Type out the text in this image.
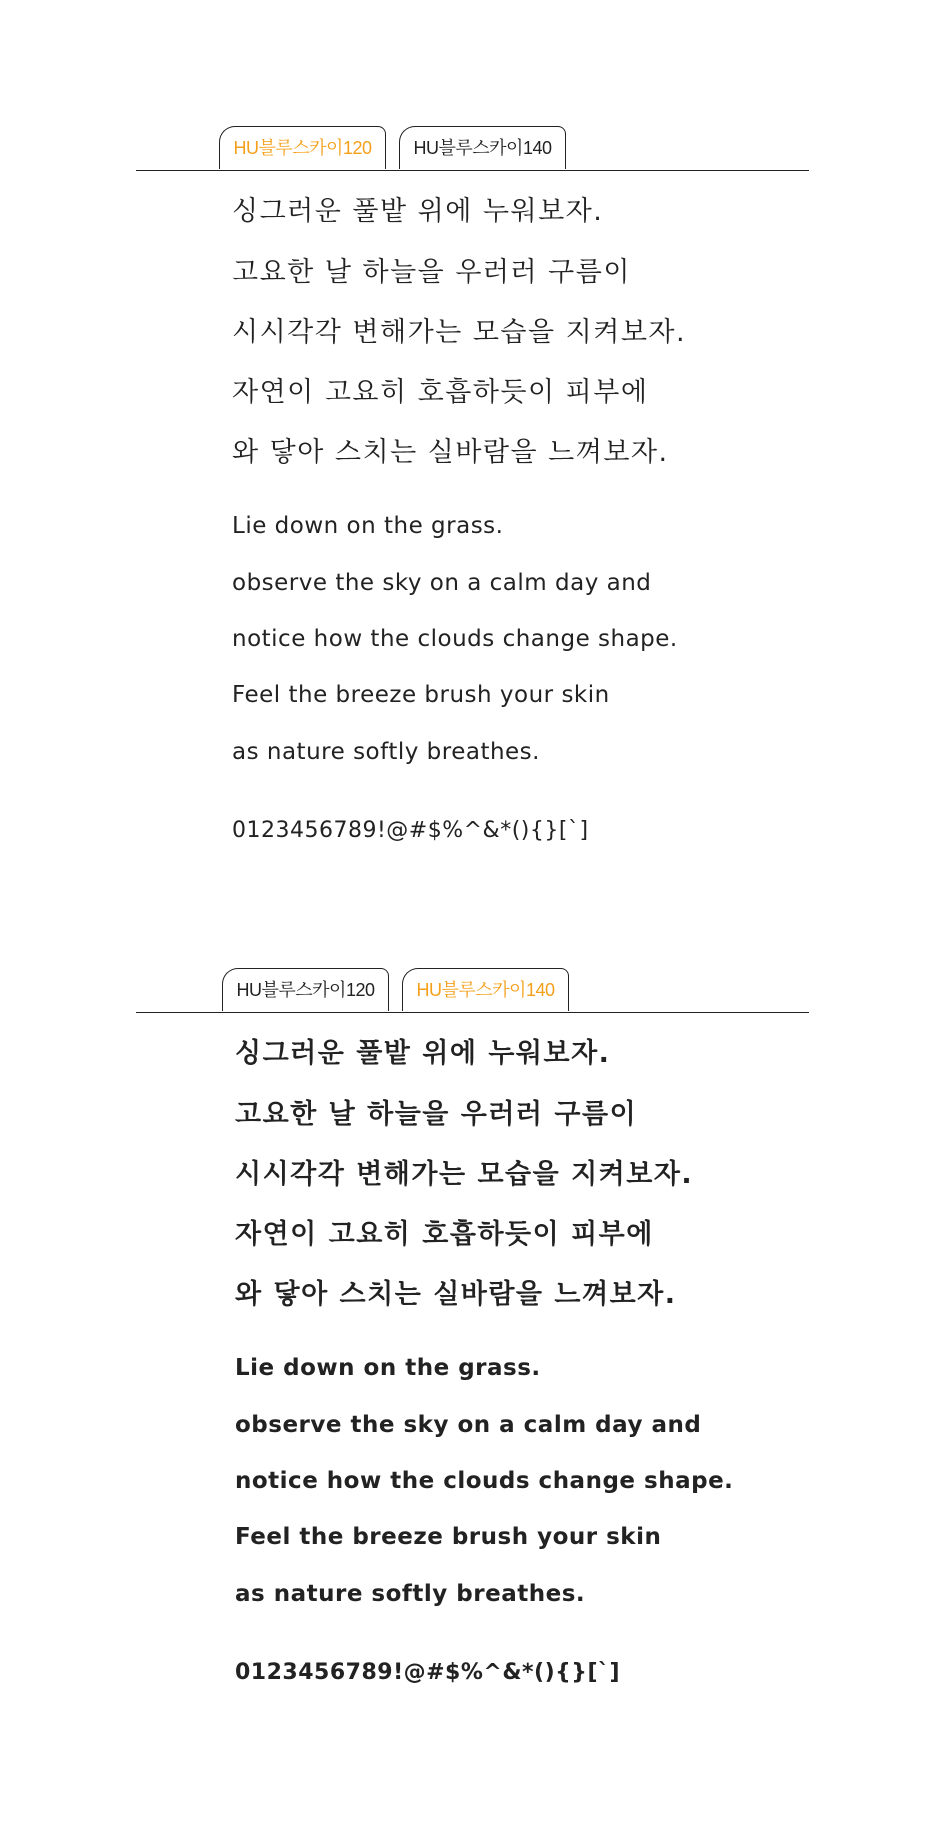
HU블루스카이120	HU블루스카이140
싱그러운 풀밭 위에 누워보자.
고요한 날 하늘을 우러러 구름이
시시각각 변해가는 모습을 지켜보자.
자연이 고요히 호흡하듯이 피부에
와 닿아 스치는 실바람을 느껴보자.
Lie down on the grass.
observe the sky on a calm day and
notice how the clouds change shape.
Feel the breeze brush your skin
as nature softly breathes.
0123456789!@#$%^&*(){}[`]
HU블루스카이120	HU블루스카이140
싱그러운 풀밭 위에 누워보자.
고요한 날 하늘을 우러러 구름이
시시각각 변해가는 모습을 지켜보자.
자연이 고요히 호흡하듯이 피부에
와 닿아 스치는 실바람을 느껴보자.
Lie down on the grass.
observe the sky on a calm day and
notice how the clouds change shape.
Feel the breeze brush your skin
as nature softly breathes.
0123456789!@#$%^&*(){}[`]
